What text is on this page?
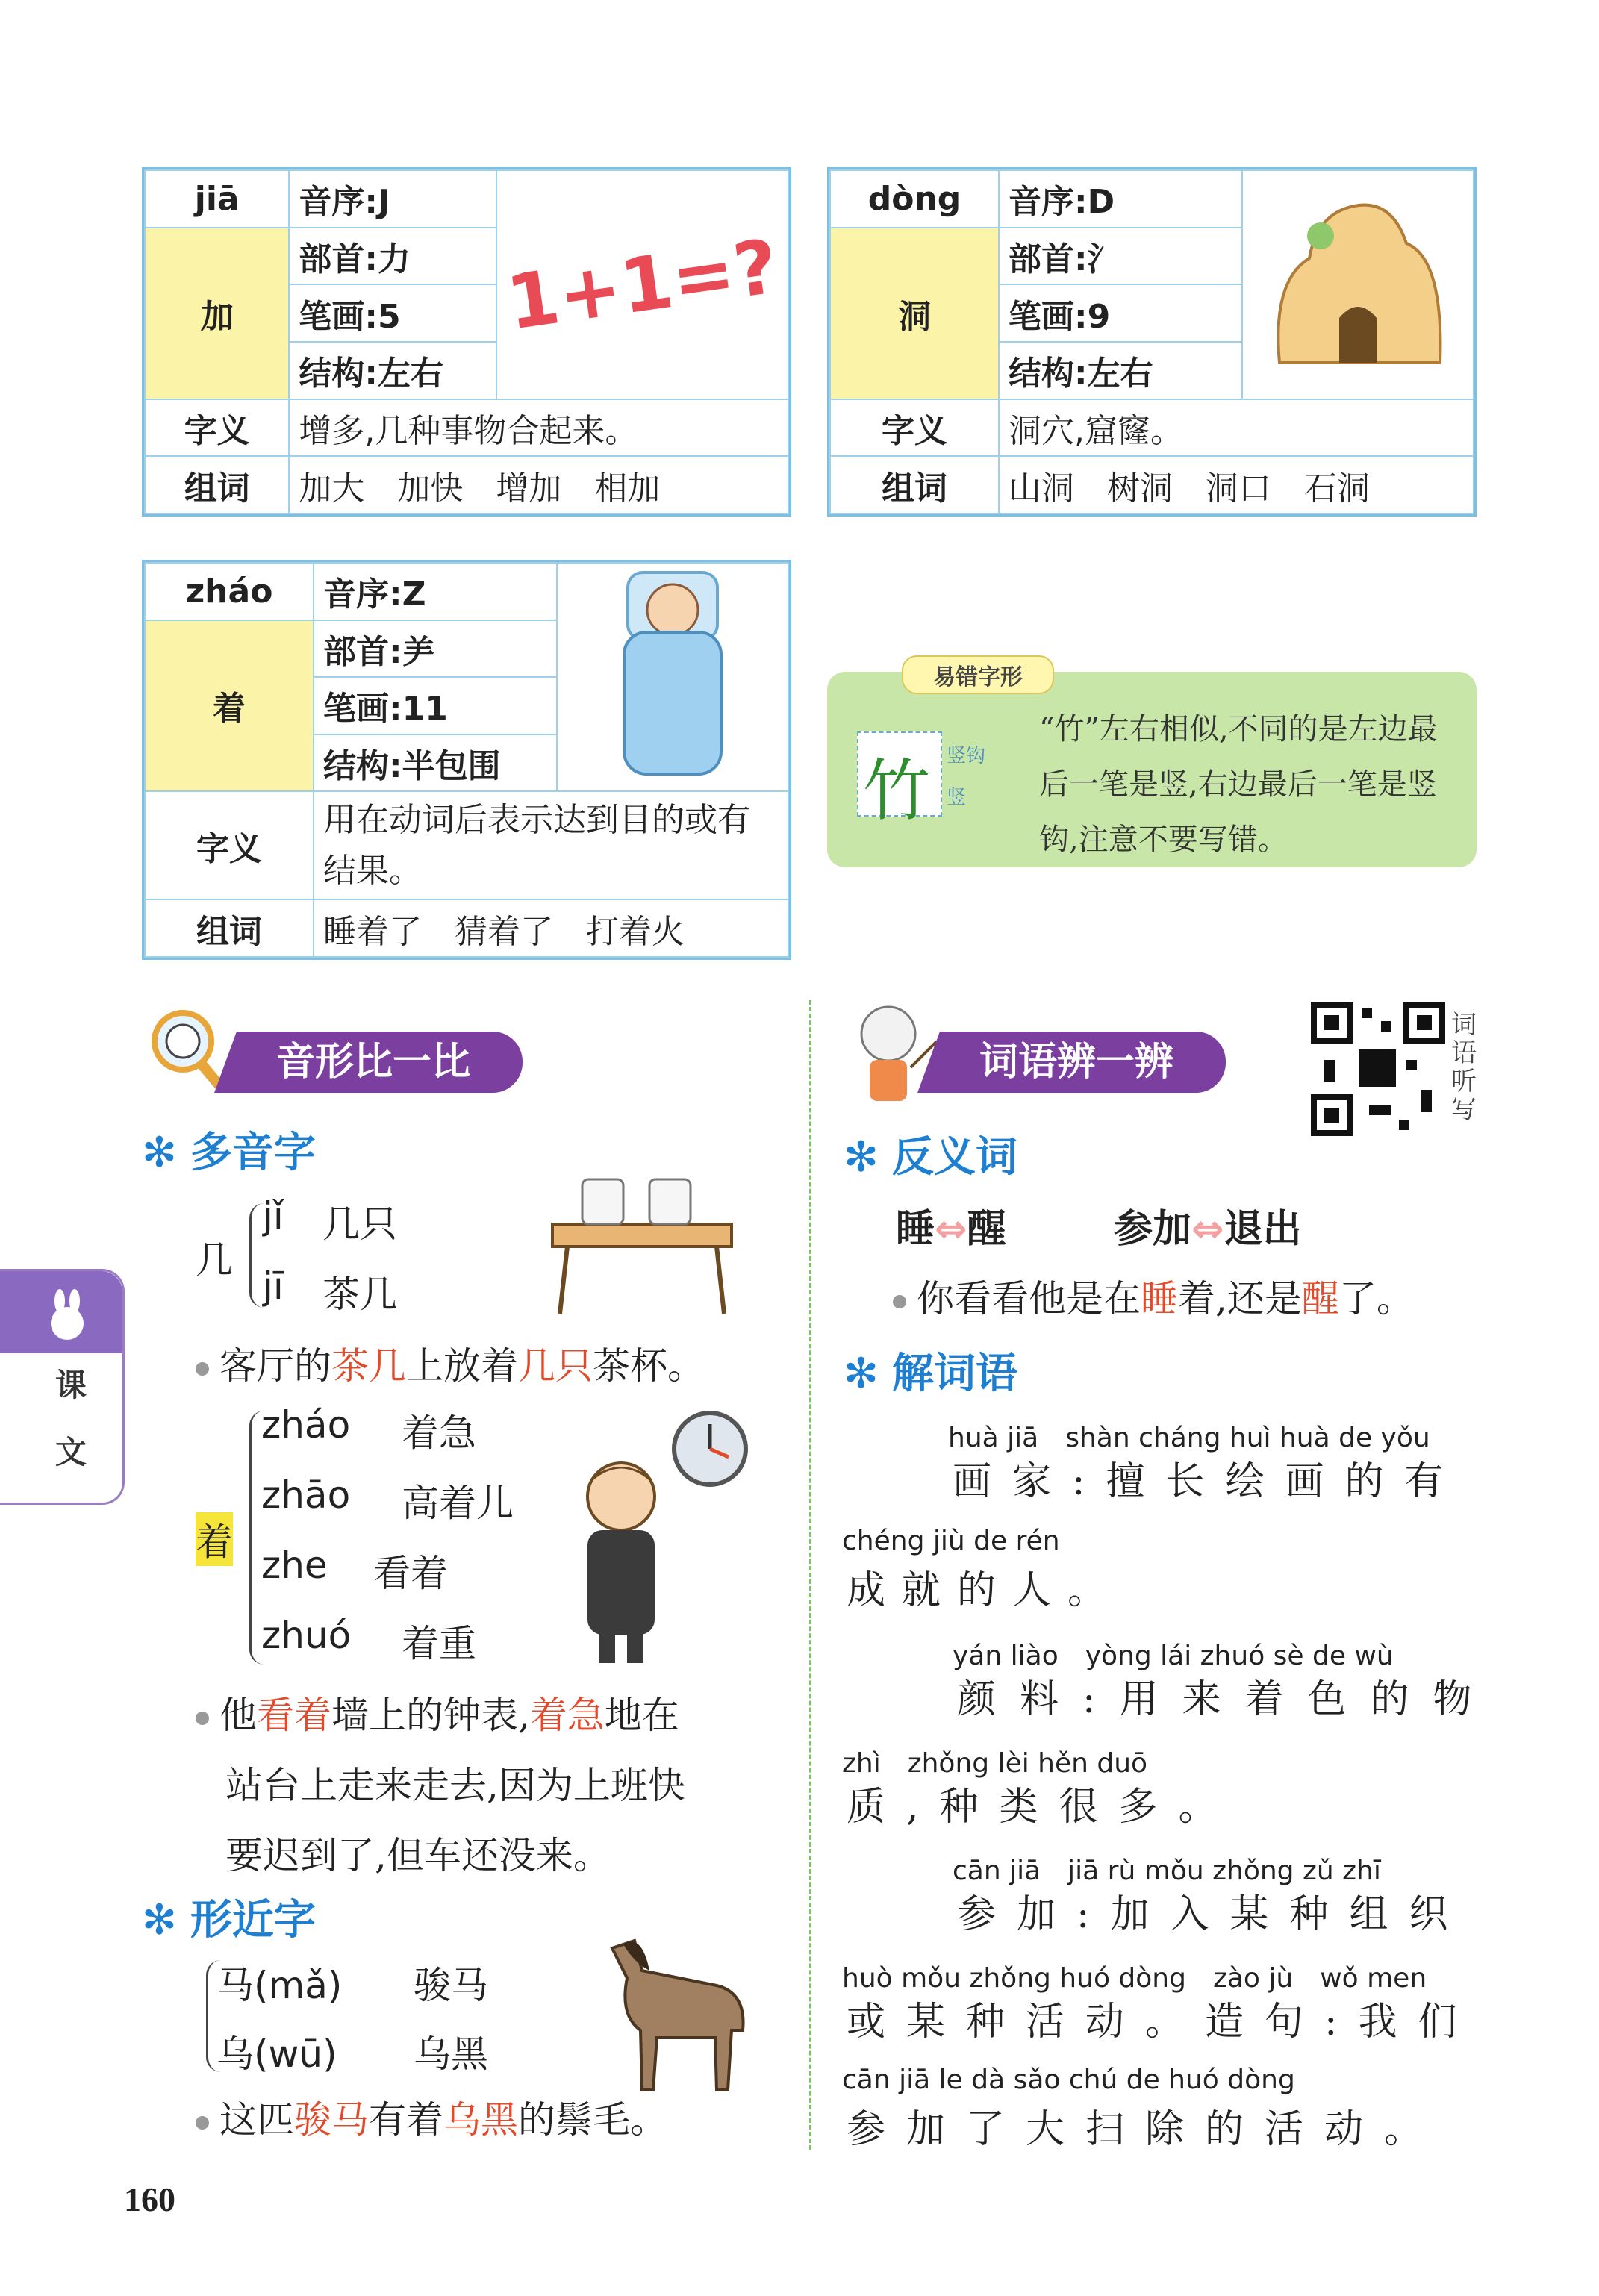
jiā	音序:J	1+1=?
加	部首:力	
	笔画:5	
	结构:左右	
字义	增多,几种事物合起来。	
组词	加大　加快　增加　相加	
dòng	音序:D	
洞	部首:氵	
	笔画:9	
	结构:左右	
字义	洞穴,窟窿。	
组词	山洞　树洞　洞口　石洞	
zháo	音序:Z	
着	部首:⺶	
	笔画:11	
	结构:半包围	
字义	用在动词后表示达到目的或有结果。	
组词	睡着了　猜着了　打着火	
易错字形
竹 竖钩
竖
“竹”左右相似,不同的是左边最后一笔是竖,右边最后一笔是竖钩,注意不要写错。
音形比一比
✻ 多音字
几
jǐ 几只
jī 茶几
客厅的茶几上放着几只茶杯。
着
zháo 着急
zhāo 高着儿
zhe 看着
zhuó 着重
他看着墙上的钟表,着急地在
站台上走来走去,因为上班快
要迟到了,但车还没来。
✻ 形近字
马(mǎ) 骏马
乌(wū) 乌黑
这匹骏马有着乌黑的鬃毛。
词语辨一辨
词语听写
✻ 反义词
睡⇔醒	参加⇔退出
你看看他是在睡着,还是醒了。
✻ 解词语
huà jiā　shàn cháng huì huà de yǒu
画家:擅长绘画的有
chéng jiù de rén
成就的人。
yán liào　yòng lái zhuó sè de wù
颜料:用来着色的物
zhì　zhǒng lèi hěn duō
质,种类很多。
cān jiā　jiā rù mǒu zhǒng zǔ zhī
参加:加入某种组织
huò mǒu zhǒng huó dòng　zào jù　wǒ men
或某种活动。造句:我们
cān jiā le dà sǎo chú de huó dòng
参加了大扫除的活动。
课
文
160
